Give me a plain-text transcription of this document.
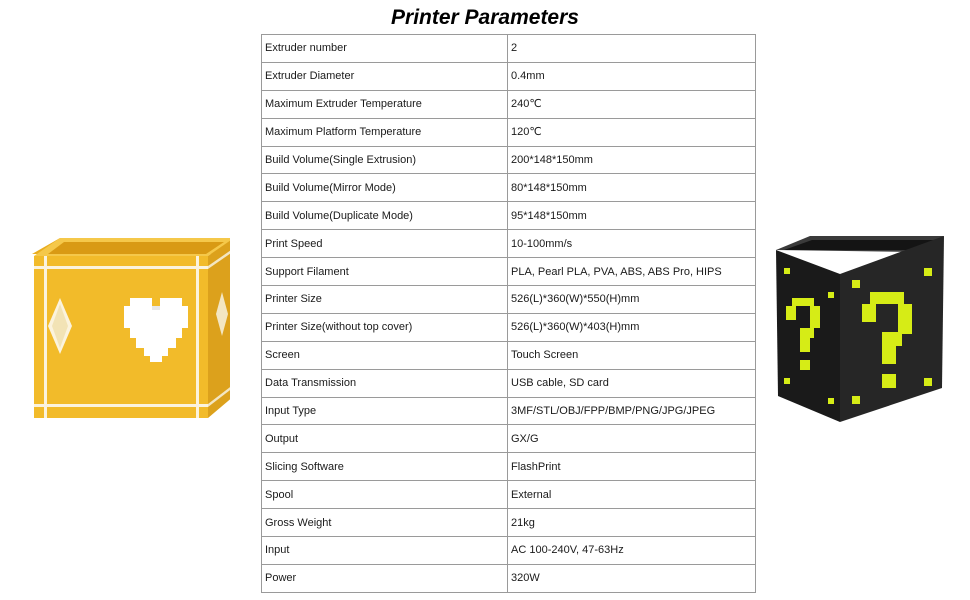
Printer Parameters
Extruder number	2
Extruder Diameter	0.4mm
Maximum Extruder Temperature	240℃
Maximum Platform Temperature	120℃
Build Volume(Single Extrusion)	200*148*150mm
Build Volume(Mirror Mode)	80*148*150mm
Build Volume(Duplicate Mode)	95*148*150mm
Print Speed	10-100mm/s
Support Filament	PLA, Pearl PLA, PVA, ABS, ABS Pro, HIPS
Printer Size	526(L)*360(W)*550(H)mm
Printer Size(without top cover)	526(L)*360(W)*403(H)mm
Screen	Touch Screen
Data Transmission	USB cable, SD card
Input Type	3MF/STL/OBJ/FPP/BMP/PNG/JPG/JPEG
Output	GX/G
Slicing Software	FlashPrint
Spool	External
Gross Weight	21kg
Input	AC 100-240V, 47-63Hz
Power	320W
